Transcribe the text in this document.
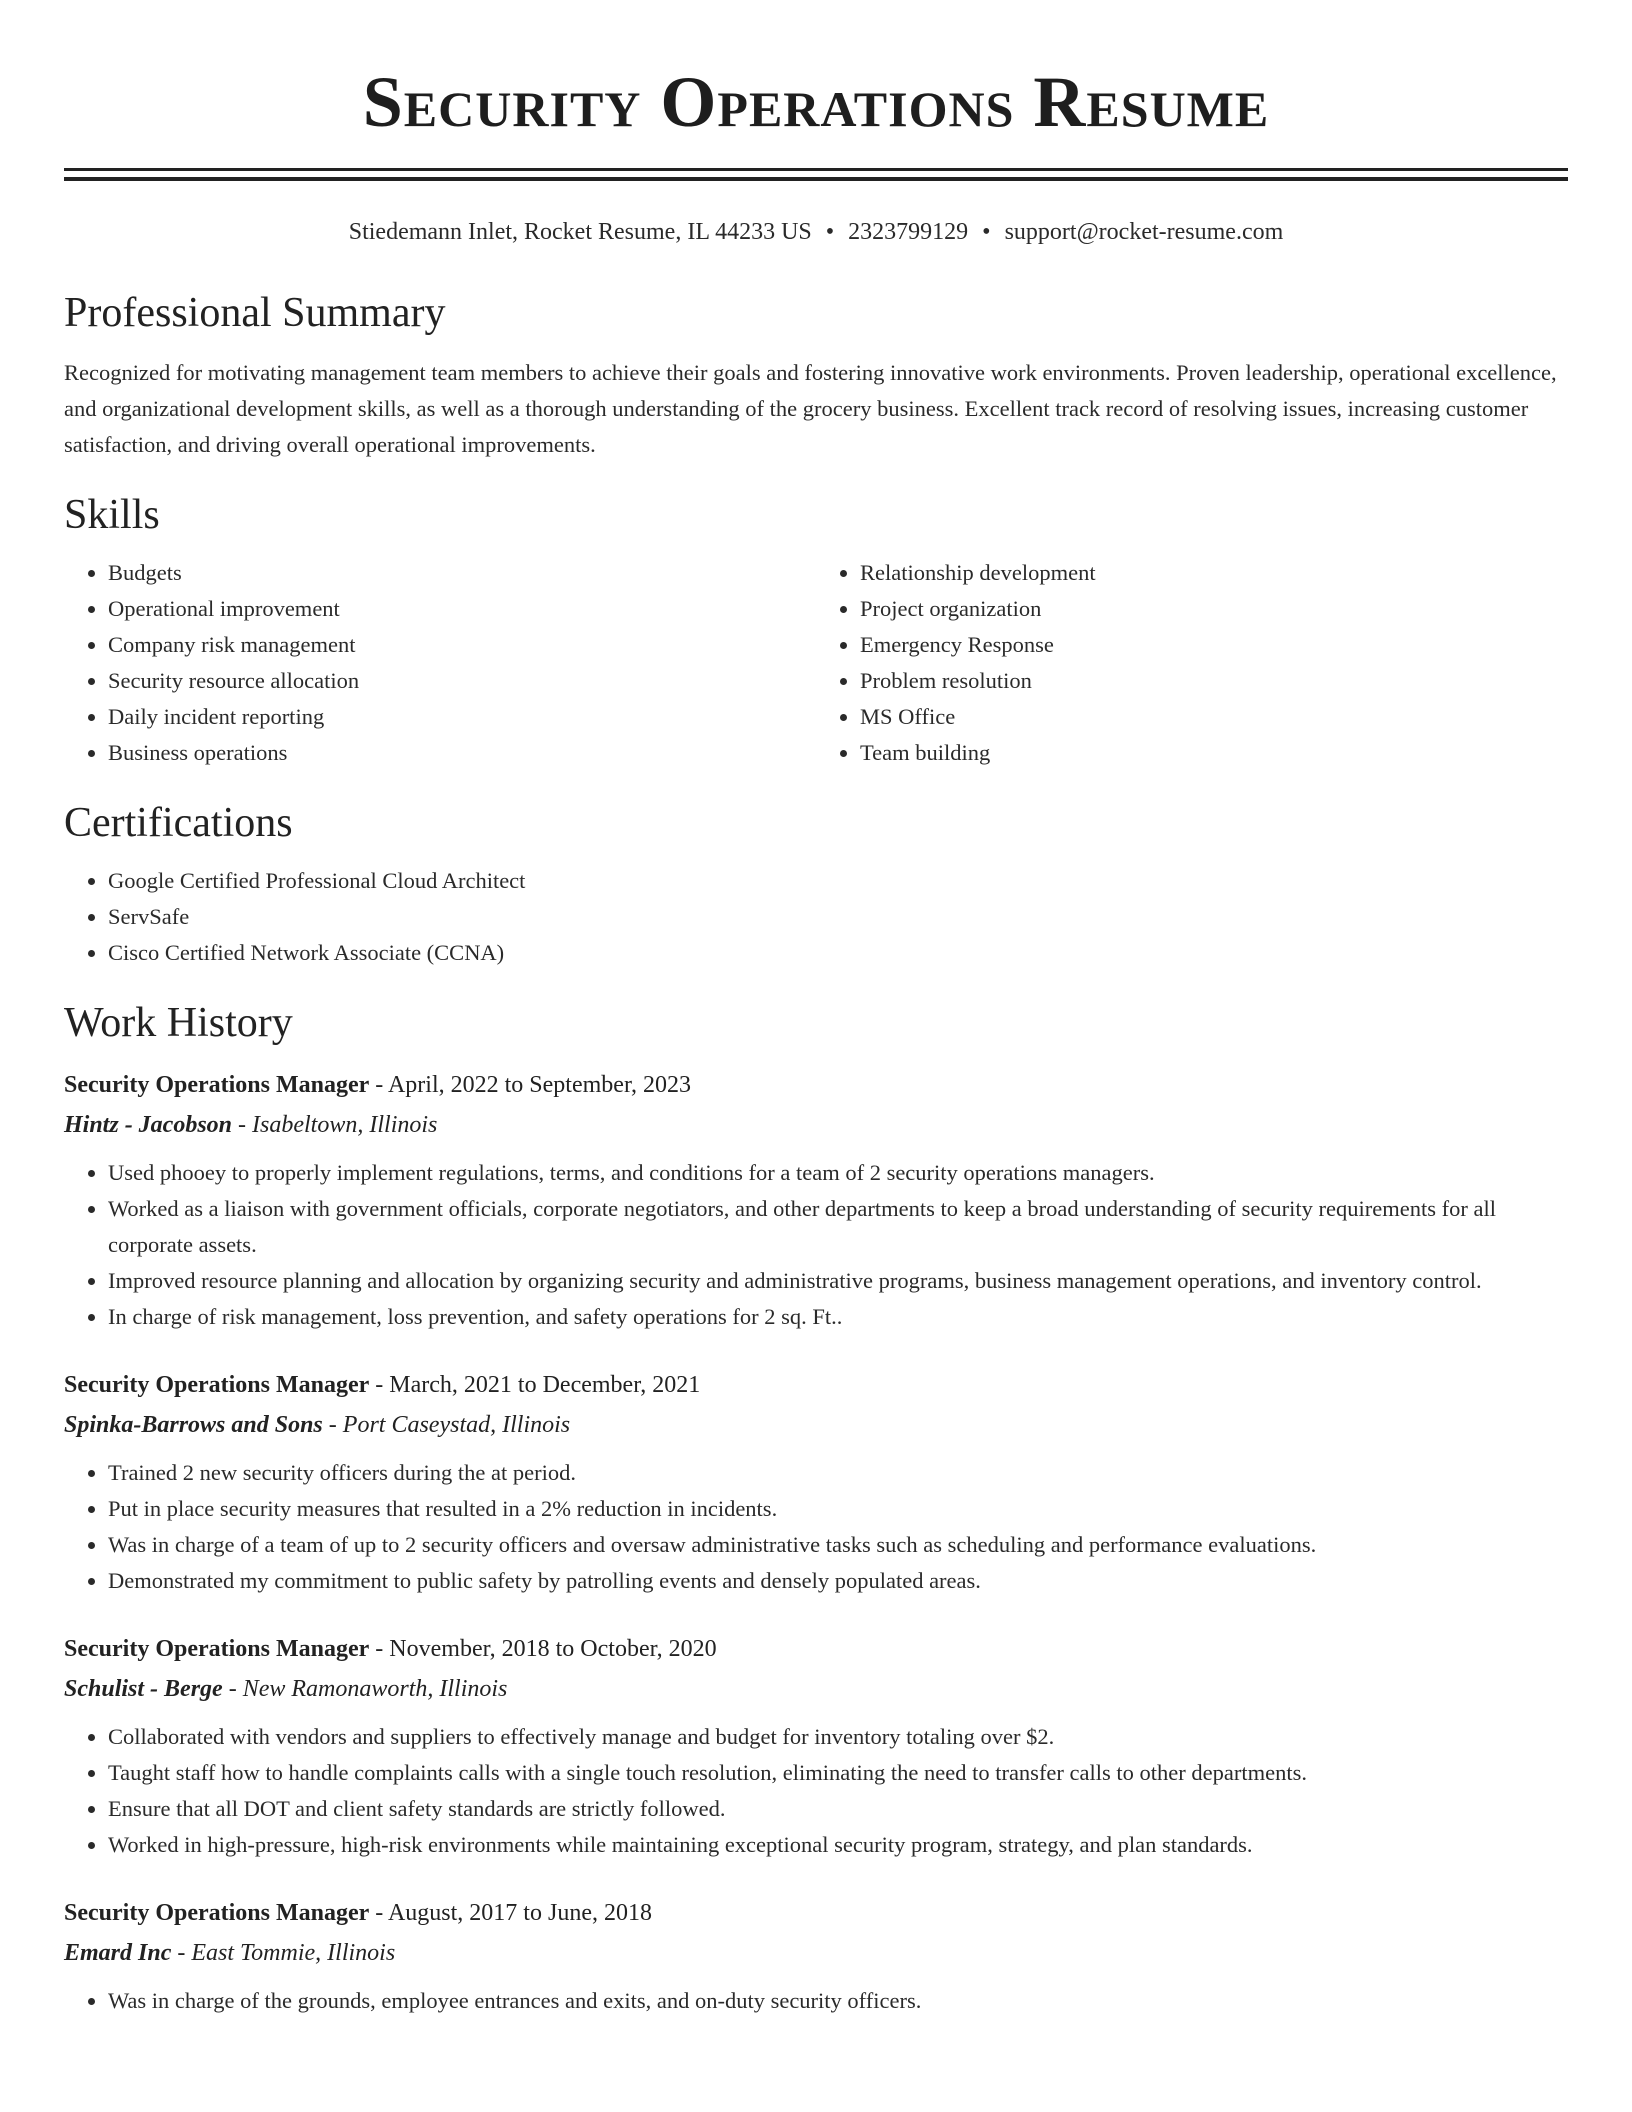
Security Operations Resume
Stiedemann Inlet, Rocket Resume, IL 44233 US • 2323799129 • support@rocket-resume.com
Professional Summary

Recognized for motivating management team members to achieve their goals and fostering innovative work environments. Proven leadership, operational excellence, and organizational development skills, as well as a thorough understanding of the grocery business. Excellent track record of resolving issues, increasing customer satisfaction, and driving overall operational improvements.

Skills
• Budgets
• Operational improvement
• Company risk management
• Security resource allocation
• Daily incident reporting
• Business operations
• Relationship development
• Project organization
• Emergency Response
• Problem resolution
• MS Office
• Team building
Certifications
• Google Certified Professional Cloud Architect
• ServSafe
• Cisco Certified Network Associate (CCNA)
Work History
Security Operations Manager - April, 2022 to September, 2023
Hintz - Jacobson - Isabeltown, Illinois
• Used phooey to properly implement regulations, terms, and conditions for a team of 2 security operations managers.
• Worked as a liaison with government officials, corporate negotiators, and other departments to keep a broad understanding of security requirements for all corporate assets.
• Improved resource planning and allocation by organizing security and administrative programs, business management operations, and inventory control.
• In charge of risk management, loss prevention, and safety operations for 2 sq. Ft..
Security Operations Manager - March, 2021 to December, 2021
Spinka-Barrows and Sons - Port Caseystad, Illinois
• Trained 2 new security officers during the at period.
• Put in place security measures that resulted in a 2% reduction in incidents.
• Was in charge of a team of up to 2 security officers and oversaw administrative tasks such as scheduling and performance evaluations.
• Demonstrated my commitment to public safety by patrolling events and densely populated areas.
Security Operations Manager - November, 2018 to October, 2020
Schulist - Berge - New Ramonaworth, Illinois
• Collaborated with vendors and suppliers to effectively manage and budget for inventory totaling over $2.
• Taught staff how to handle complaints calls with a single touch resolution, eliminating the need to transfer calls to other departments.
• Ensure that all DOT and client safety standards are strictly followed.
• Worked in high-pressure, high-risk environments while maintaining exceptional security program, strategy, and plan standards.
Security Operations Manager - August, 2017 to June, 2018
Emard Inc - East Tommie, Illinois
• Was in charge of the grounds, employee entrances and exits, and on-duty security officers.
